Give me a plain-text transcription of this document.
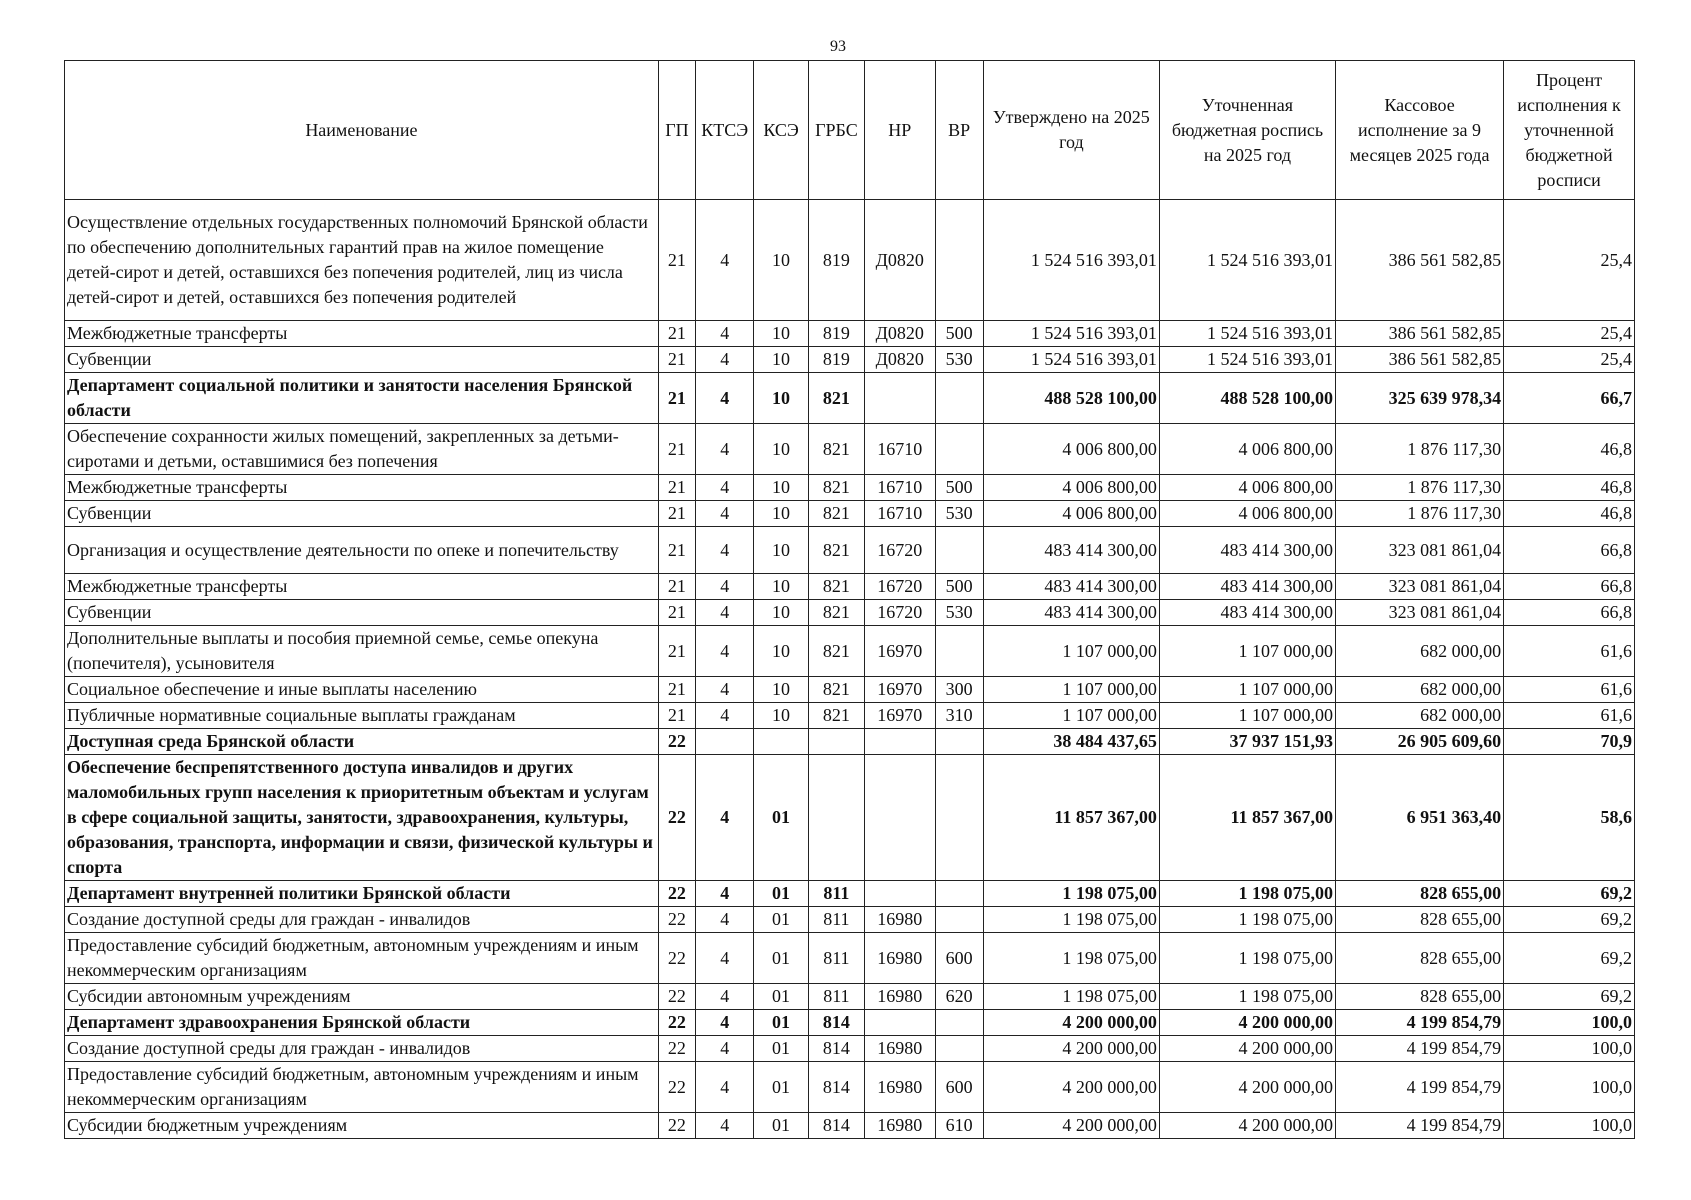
93
Наименование	ГП	КТСЭ	КСЭ	ГРБС	НР	ВР	Утверждено на 2025 год	Уточненная бюджетная роспись на 2025 год	Кассовое исполнение за 9 месяцев 2025 года	Процент исполнения к уточненной бюджетной росписи
Осуществление отдельных государственных полномочий Брянской области по обеспечению дополнительных гарантий прав на жилое помещение детей-сирот и детей, оставшихся без попечения родителей, лиц из числа детей-сирот и детей, оставшихся без попечения родителей	21	4	10	819	Д0820		1 524 516 393,01	1 524 516 393,01	386 561 582,85	25,4
Межбюджетные трансферты	21	4	10	819	Д0820	500	1 524 516 393,01	1 524 516 393,01	386 561 582,85	25,4
Субвенции	21	4	10	819	Д0820	530	1 524 516 393,01	1 524 516 393,01	386 561 582,85	25,4
Департамент социальной политики и занятости населения Брянской области	21	4	10	821			488 528 100,00	488 528 100,00	325 639 978,34	66,7
Обеспечение сохранности жилых помещений, закрепленных за детьми-сиротами и детьми, оставшимися без попечения	21	4	10	821	16710		4 006 800,00	4 006 800,00	1 876 117,30	46,8
Межбюджетные трансферты	21	4	10	821	16710	500	4 006 800,00	4 006 800,00	1 876 117,30	46,8
Субвенции	21	4	10	821	16710	530	4 006 800,00	4 006 800,00	1 876 117,30	46,8
Организация и осуществление деятельности по опеке и попечительству	21	4	10	821	16720		483 414 300,00	483 414 300,00	323 081 861,04	66,8
Межбюджетные трансферты	21	4	10	821	16720	500	483 414 300,00	483 414 300,00	323 081 861,04	66,8
Субвенции	21	4	10	821	16720	530	483 414 300,00	483 414 300,00	323 081 861,04	66,8
Дополнительные выплаты и пособия приемной семье, семье опекуна (попечителя), усыновителя	21	4	10	821	16970		1 107 000,00	1 107 000,00	682 000,00	61,6
Социальное обеспечение и иные выплаты населению	21	4	10	821	16970	300	1 107 000,00	1 107 000,00	682 000,00	61,6
Публичные нормативные социальные выплаты гражданам	21	4	10	821	16970	310	1 107 000,00	1 107 000,00	682 000,00	61,6
Доступная среда Брянской области	22						38 484 437,65	37 937 151,93	26 905 609,60	70,9
Обеспечение беспрепятственного доступа инвалидов и других маломобильных групп населения к приоритетным объектам и услугам в сфере социальной защиты, занятости, здравоохранения, культуры, образования, транспорта, информации и связи, физической культуры и спорта	22	4	01				11 857 367,00	11 857 367,00	6 951 363,40	58,6
Департамент внутренней политики Брянской области	22	4	01	811			1 198 075,00	1 198 075,00	828 655,00	69,2
Создание доступной среды для граждан - инвалидов	22	4	01	811	16980		1 198 075,00	1 198 075,00	828 655,00	69,2
Предоставление субсидий бюджетным, автономным учреждениям и иным некоммерческим организациям	22	4	01	811	16980	600	1 198 075,00	1 198 075,00	828 655,00	69,2
Субсидии автономным учреждениям	22	4	01	811	16980	620	1 198 075,00	1 198 075,00	828 655,00	69,2
Департамент здравоохранения Брянской области	22	4	01	814			4 200 000,00	4 200 000,00	4 199 854,79	100,0
Создание доступной среды для граждан - инвалидов	22	4	01	814	16980		4 200 000,00	4 200 000,00	4 199 854,79	100,0
Предоставление субсидий бюджетным, автономным учреждениям и иным некоммерческим организациям	22	4	01	814	16980	600	4 200 000,00	4 200 000,00	4 199 854,79	100,0
Субсидии бюджетным учреждениям	22	4	01	814	16980	610	4 200 000,00	4 200 000,00	4 199 854,79	100,0
